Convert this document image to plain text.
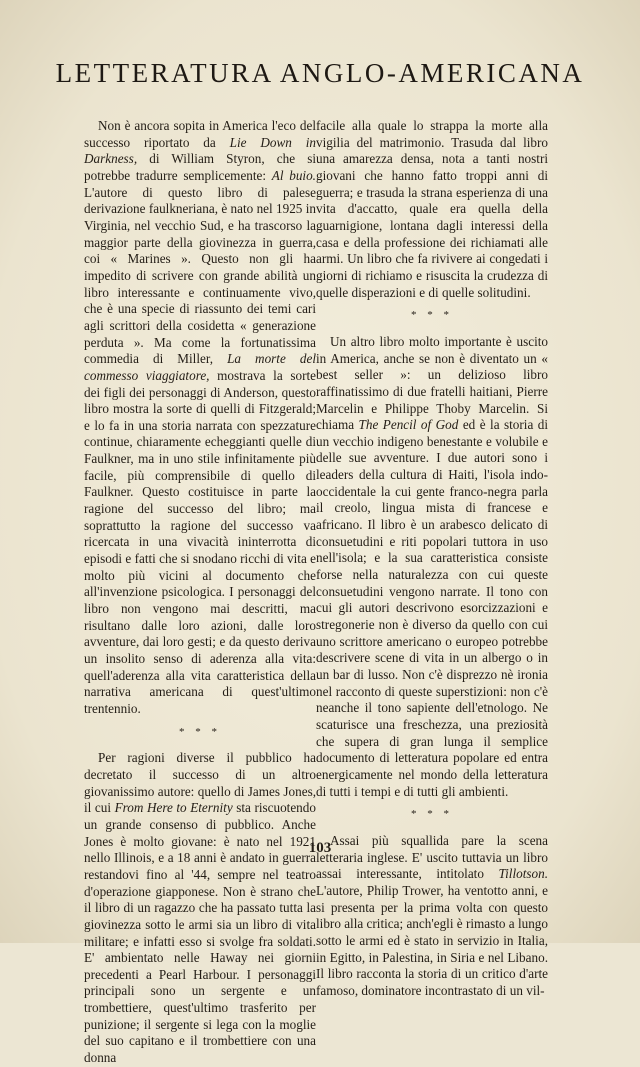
LETTERATURA ANGLO-AMERICANA

Non è ancora sopita in America l'eco del successo riportato da Lie Down in Darkness, di William Styron, che si potrebbe tradurre semplicemente: Al buio. L'autore di questo libro di palese derivazione faulkneriana, è nato nel 1925 in Virginia, nel vecchio Sud, e ha trascorso la maggior parte della giovinezza in guerra, coi « Marines ». Questo non gli ha impedito di scrivere con grande abilità un libro interessante e continuamente vivo, che è una specie di riassunto dei temi cari agli scrittori della cosidetta « generazione perduta ». Ma come la fortunatissima commedia di Miller, La morte del commesso viaggiatore, mostrava la sorte dei figli dei personaggi di Anderson, questo libro mostra la sorte di quelli di Fitzgerald; e lo fa in una storia narrata con spezzature continue, chiaramente echeggianti quelle di Faulkner, ma in uno stile infinitamente più facile, più comprensibile di quello di Faulkner. Questo costituisce in parte la ragione del successo del libro; ma soprattutto la ragione del successo va ricercata in una vivacità ininterrotta di episodi e fatti che si snodano ricchi di vita e molto più vicini al documento che all'invenzione psicologica. I personaggi del libro non vengono mai descritti, ma risultano dalle loro azioni, dalle loro avventure, dai loro gesti; e da questo deriva un insolito senso di aderenza alla vita: quell'aderenza alla vita caratteristica della narrativa americana di quest'ultimo trentennio.

* * *

Per ragioni diverse il pubblico ha decretato il successo di un altro giovanissimo autore: quello di James Jones, il cui From Here to Eternity sta riscuotendo un grande consenso di pubblico. Anche Jones è molto giovane: è nato nel 1921 nello Illinois, e a 18 anni è andato in guerra restandovi fino al '44, sempre nel teatro d'operazione giapponese. Non è strano che il libro di un ragazzo che ha passato tutta la giovinezza sotto le armi sia un libro di vita militare; e infatti esso si svolge fra soldati. E' ambientato nelle Haway nei giorni precedenti a Pearl Harbour. I personaggi principali sono un sergente e un trombettiere, quest'ultimo trasferito per punizione; il sergente si lega con la moglie del suo capitano e il trombettiere con una donna

facile alla quale lo strappa la morte alla vigilia del matrimonio. Trasuda dal libro una amarezza densa, nota a tanti nostri giovani che hanno fatto troppi anni di guerra; e trasuda la strana esperienza di una vita d'accatto, quale era quella della guarnigione, lontana dagli interessi della casa e della professione dei richiamati alle armi. Un libro che fa rivivere ai congedati i giorni di richiamo e risuscita la crudezza di quelle disperazioni e di quelle solitudini.

* * *

Un altro libro molto importante è uscito in America, anche se non è diventato un « best seller »: un delizioso libro raffinatissimo di due fratelli haitiani, Pierre Marcelin e Philippe Thoby Marcelin. Si chiama The Pencil of God ed è la storia di un vecchio indigeno benestante e volubile e delle sue avventure. I due autori sono i leaders della cultura di Haiti, l'isola indo-occidentale la cui gente franco-negra parla il creolo, lingua mista di francese e africano. Il libro è un arabesco delicato di consuetudini e riti popolari tuttora in uso nell'isola; e la sua caratteristica consiste forse nella naturalezza con cui queste consuetudini vengono narrate. Il tono con cui gli autori descrivono esorcizzazioni e stregonerie non è diverso da quello con cui uno scrittore americano o europeo potrebbe descrivere scene di vita in un albergo o in un bar di lusso. Non c'è disprezzo nè ironia nel racconto di queste superstizioni: non c'è neanche il tono sapiente dell'etnologo. Ne scaturisce una freschezza, una preziosità che supera di gran lunga il semplice documento di letteratura popolare ed entra energicamente nel mondo della letteratura di tutti i tempi e di tutti gli ambienti.

* * *

Assai più squallida pare la scena letteraria inglese. E' uscito tuttavia un libro assai interessante, intitolato Tillotson. L'autore, Philip Trower, ha ventotto anni, e si presenta per la prima volta con questo libro alla critica; anch'egli è rimasto a lungo sotto le armi ed è stato in servizio in Italia, in Egitto, in Palestina, in Siria e nel Libano. Il libro racconta la storia di un critico d'arte famoso, dominatore incontrastato di un vil-

103
